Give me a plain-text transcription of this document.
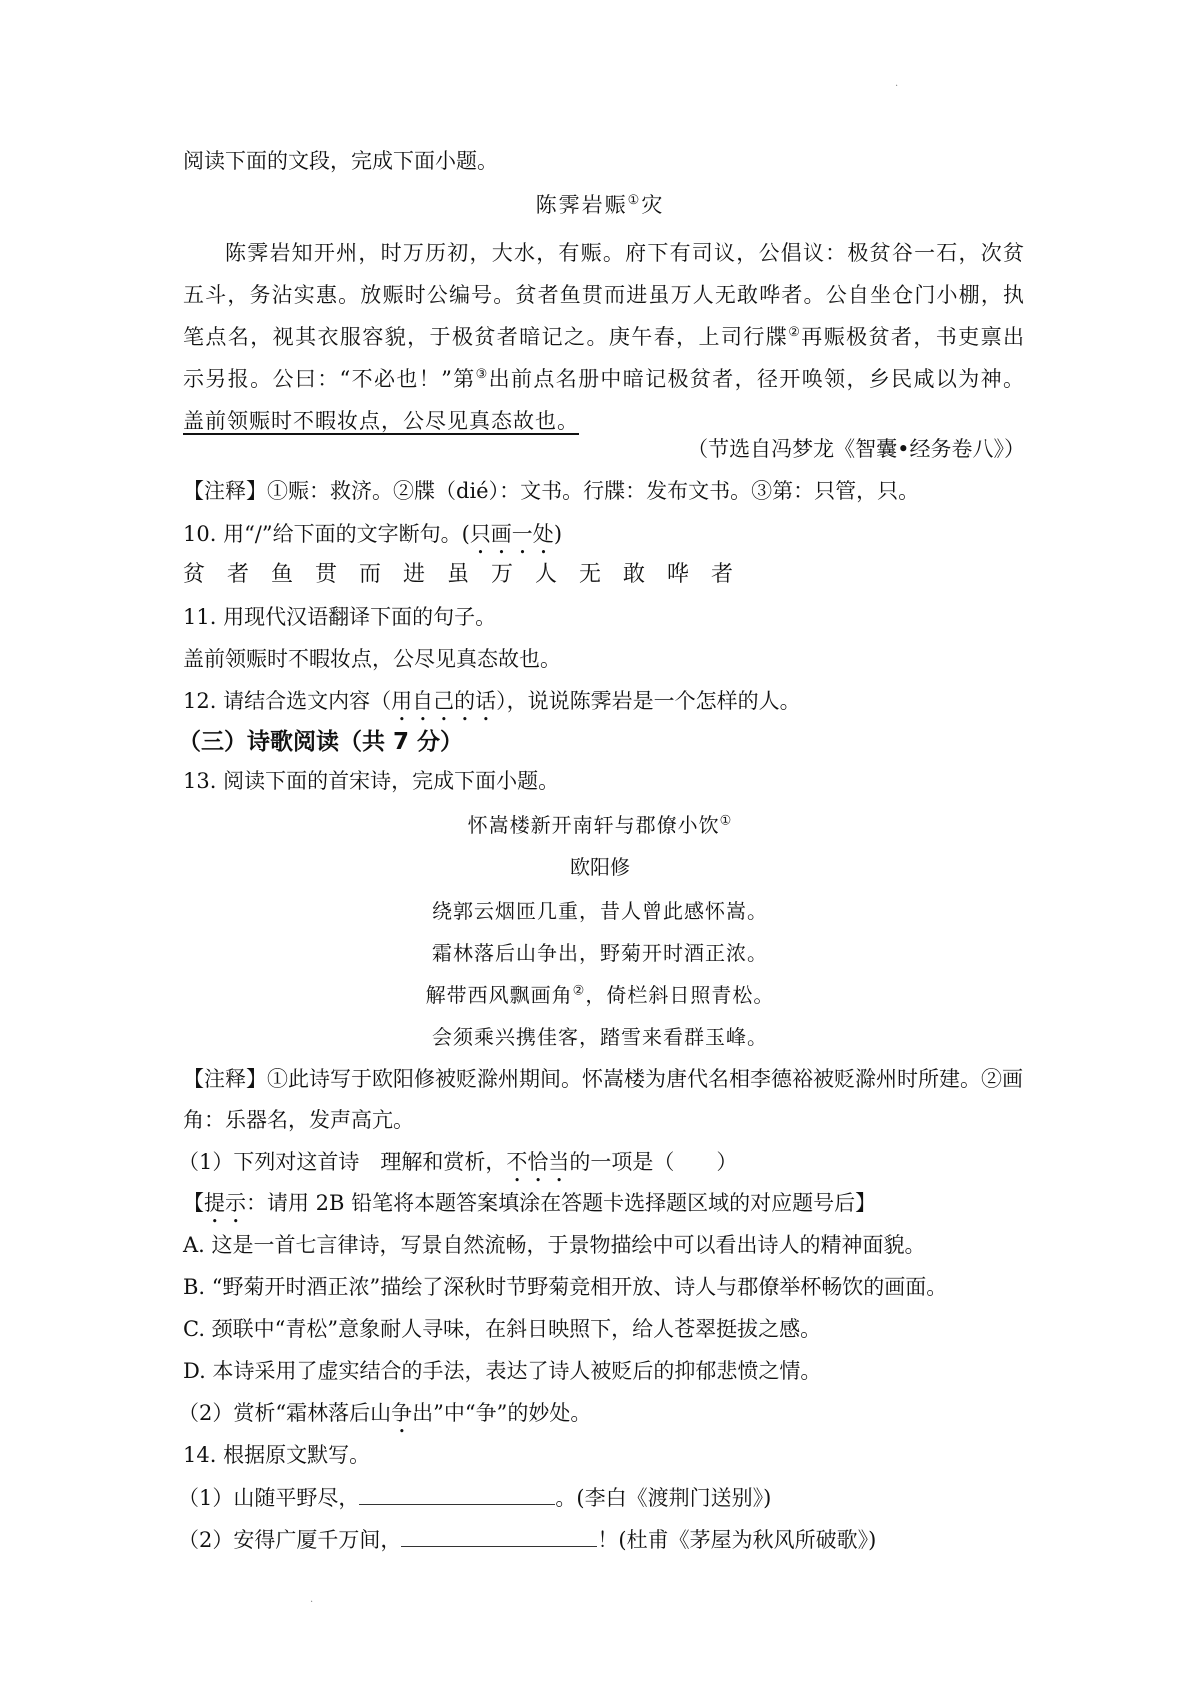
.
阅读下面的文段，完成下面小题。
陈霁岩赈①灾
陈霁岩知开州，时万历初，大水，有赈。府下有司议，公倡议：极贫谷一石，次贫五斗，务沾实惠。放赈时公编号。贫者鱼贯而进虽万人无敢哗者。公自坐仓门小棚，执笔点名，视其衣服容貌，于极贫者暗记之。庚午春，上司行牒②再赈极贫者，书吏禀出示另报。公曰：“不必也！”第③出前点名册中暗记极贫者，径开唤领，乡民咸以为神。盖前领赈时不暇妆点，公尽见真态故也。
（节选自冯梦龙《智囊•经务卷八》）
【注释】①赈：救济。②牒（dié）：文书。行牒：发布文书。③第：只管，只。
10. 用“/”给下面的文字断句。(只画一处)
贫 者 鱼 贯 而 进 虽 万 人 无 敢 哗 者
11. 用现代汉语翻译下面的句子。
盖前领赈时不暇妆点，公尽见真态故也。
12. 请结合选文内容（用自己的话），说说陈霁岩是一个怎样的人。
（三）诗歌阅读（共 7 分）
13. 阅读下面的首宋诗，完成下面小题。
怀嵩楼新开南轩与郡僚小饮①
欧阳修
绕郭云烟匝几重，昔人曾此感怀嵩。
霜林落后山争出，野菊开时酒正浓。
解带西风飘画角②，倚栏斜日照青松。
会须乘兴携佳客，踏雪来看群玉峰。
【注释】①此诗写于欧阳修被贬滁州期间。怀嵩楼为唐代名相李德裕被贬滁州时所建。②画
角：乐器名，发声高亢。
（1）下列对这首诗　理解和赏析，不恰当的一项是（　　）
【提示：请用 2B 铅笔将本题答案填涂在答题卡选择题区域的对应题号后】
A. 这是一首七言律诗，写景自然流畅，于景物描绘中可以看出诗人的精神面貌。
B. “野菊开时酒正浓”描绘了深秋时节野菊竞相开放、诗人与郡僚举杯畅饮的画面。
C. 颈联中“青松”意象耐人寻味，在斜日映照下，给人苍翠挺拔之感。
D. 本诗采用了虚实结合的手法，表达了诗人被贬后的抑郁悲愤之情。
（2）赏析“霜林落后山争出”中“争”的妙处。
14. 根据原文默写。
（1）山随平野尽，	。(李白《渡荆门送别》)
（2）安得广厦千万间，	！(杜甫《茅屋为秋风所破歌》)
.
